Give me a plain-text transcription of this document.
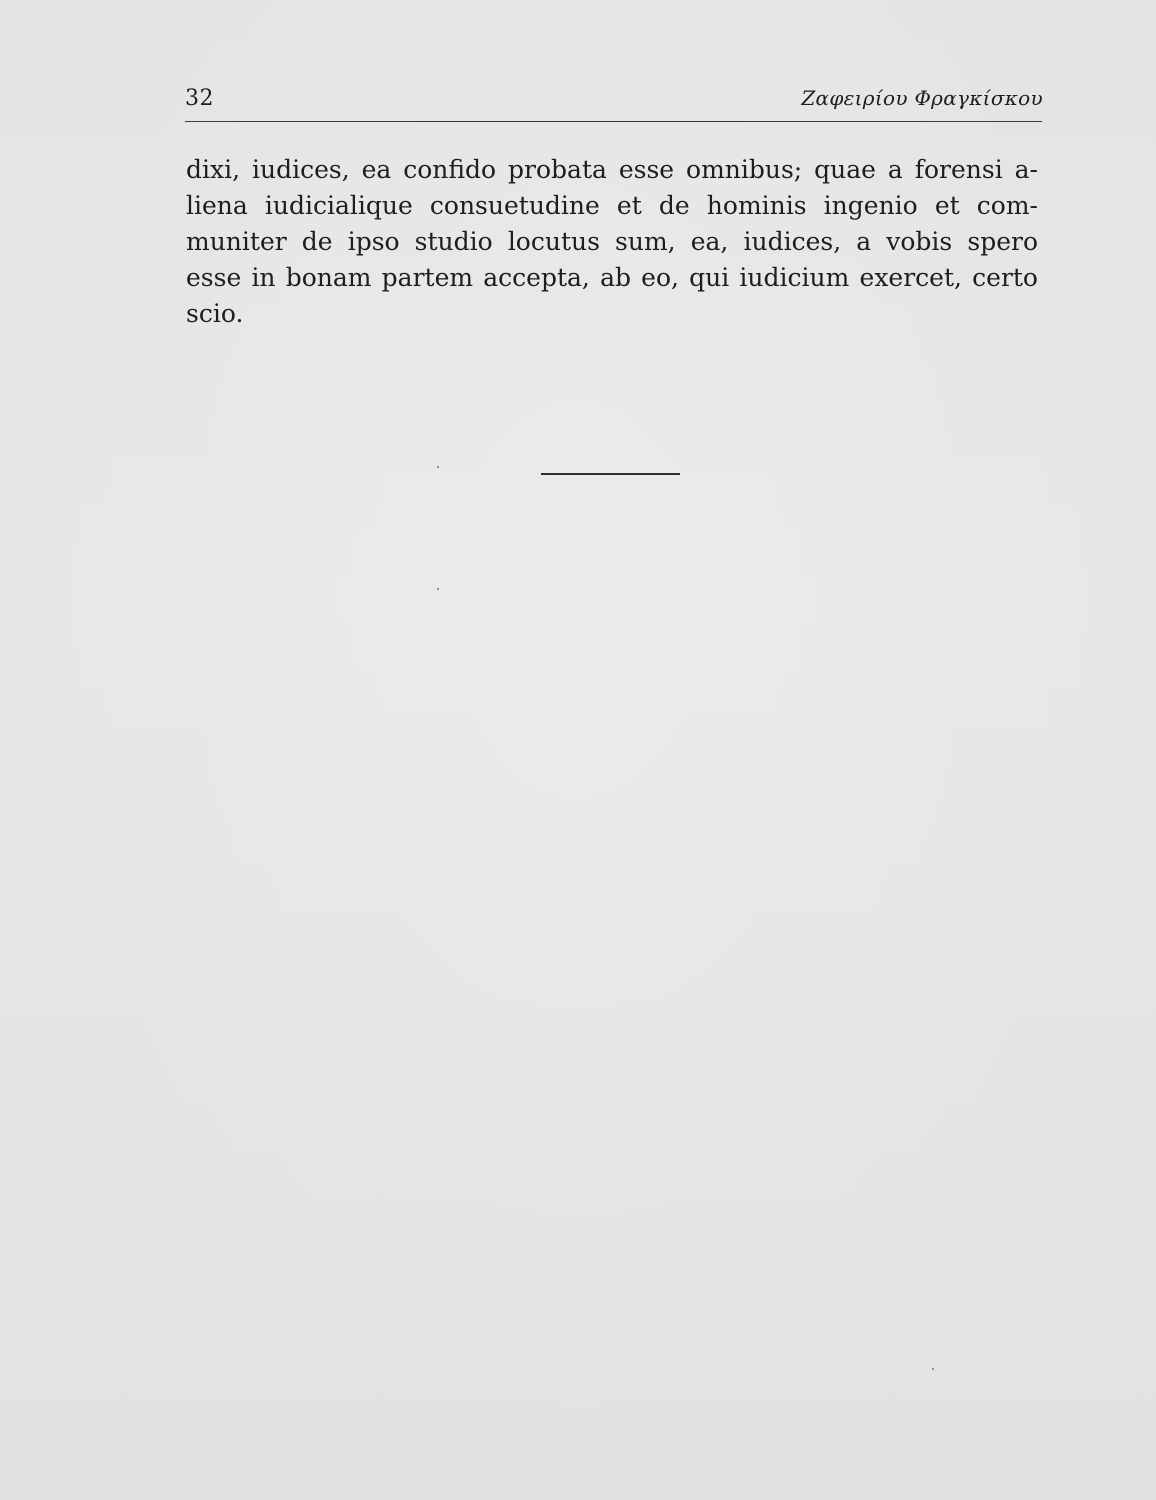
32	Ζαφειρίου Φραγκίσκου
dixi, iudices, ea confido probata esse omnibus; quae a forensi a-
liena iudicialique consuetudine et de hominis ingenio et com-
muniter de ipso studio locutus sum, ea, iudices, a vobis spero
esse in bonam partem accepta, ab eo, qui iudicium exercet, certo
scio.
